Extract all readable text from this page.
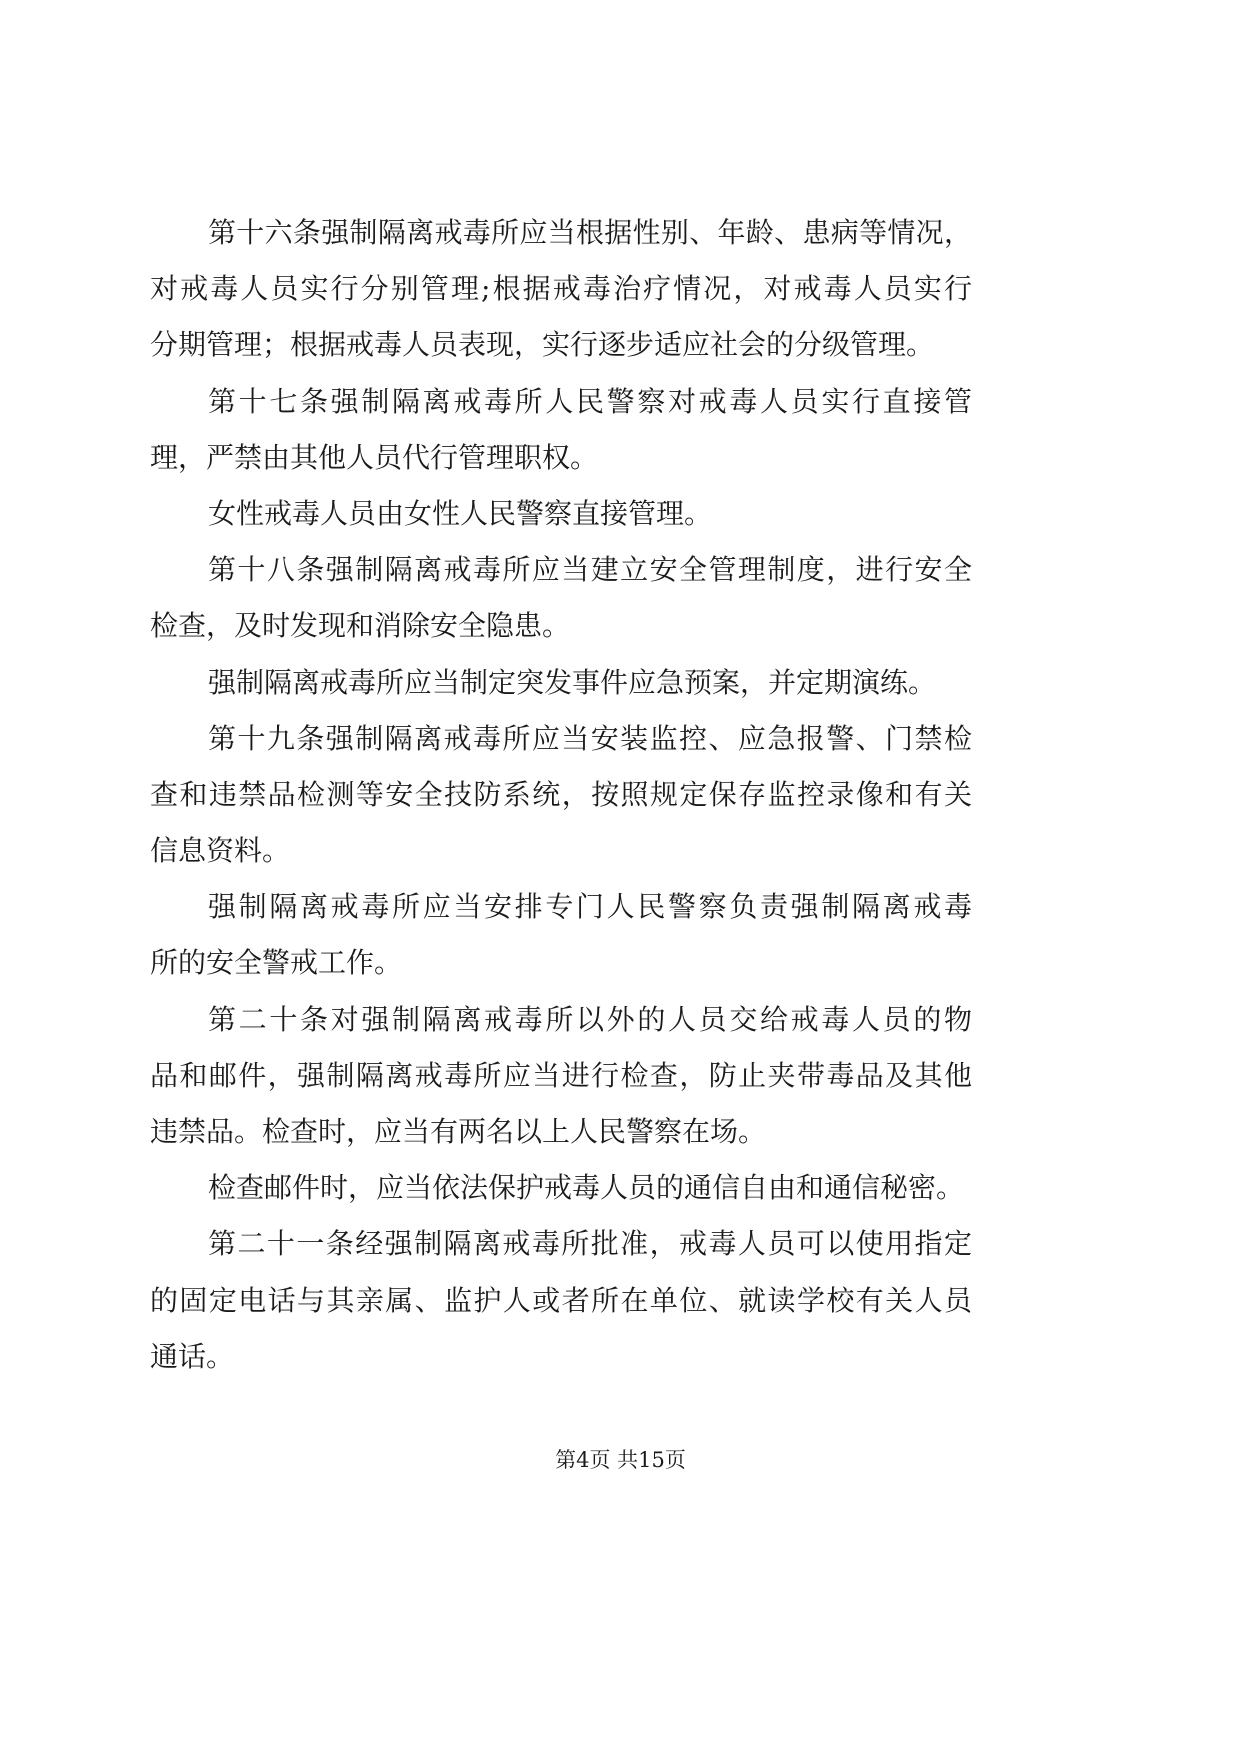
第十六条强制隔离戒毒所应当根据性别、年龄、患病等情况，
对戒毒人员实行分别管理;根据戒毒治疗情况，对戒毒人员实行
分期管理；根据戒毒人员表现，实行逐步适应社会的分级管理。
第十七条强制隔离戒毒所人民警察对戒毒人员实行直接管
理，严禁由其他人员代行管理职权。
女性戒毒人员由女性人民警察直接管理。
第十八条强制隔离戒毒所应当建立安全管理制度，进行安全
检查，及时发现和消除安全隐患。
强制隔离戒毒所应当制定突发事件应急预案，并定期演练。
第十九条强制隔离戒毒所应当安装监控、应急报警、门禁检
查和违禁品检测等安全技防系统，按照规定保存监控录像和有关
信息资料。
强制隔离戒毒所应当安排专门人民警察负责强制隔离戒毒
所的安全警戒工作。
第二十条对强制隔离戒毒所以外的人员交给戒毒人员的物
品和邮件，强制隔离戒毒所应当进行检查，防止夹带毒品及其他
违禁品。检查时，应当有两名以上人民警察在场。
检查邮件时，应当依法保护戒毒人员的通信自由和通信秘密。
第二十一条经强制隔离戒毒所批准，戒毒人员可以使用指定
的固定电话与其亲属、监护人或者所在单位、就读学校有关人员
通话。
第4页 共15页
